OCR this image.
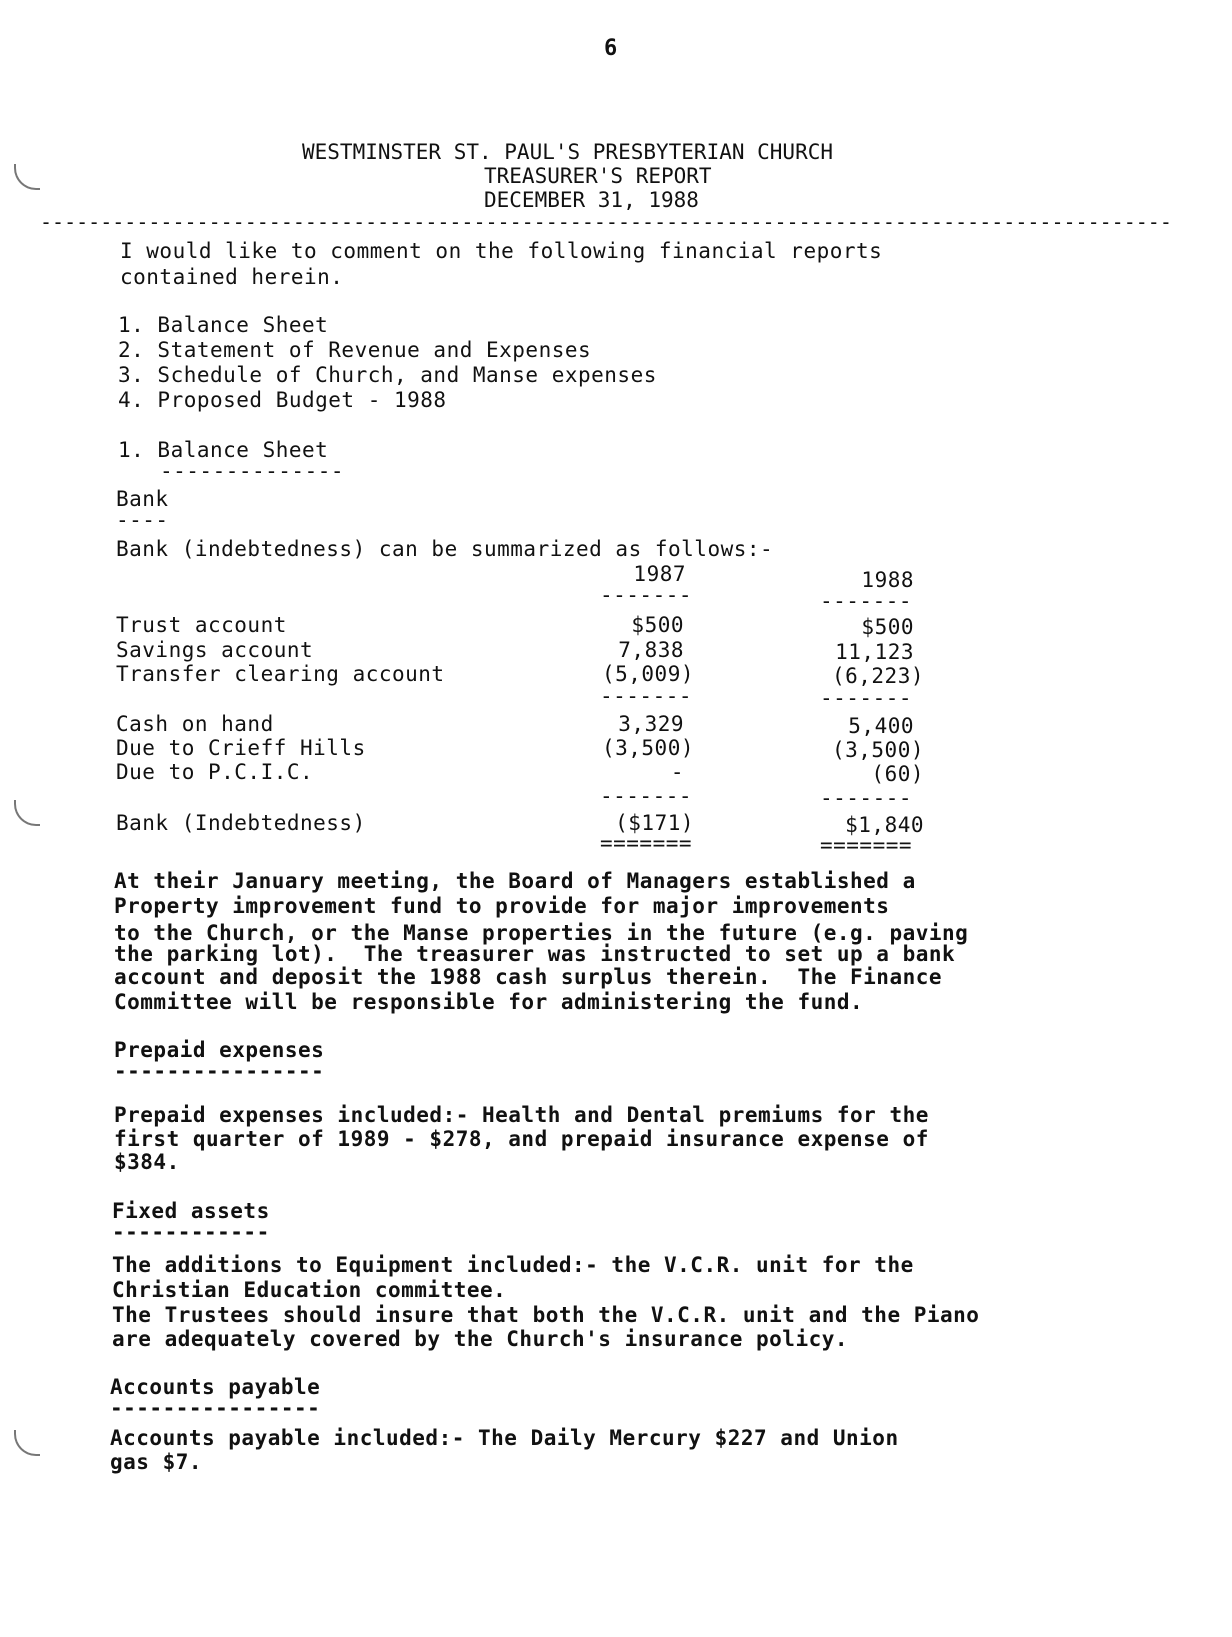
6
WESTMINSTER ST. PAUL'S PRESBYTERIAN CHURCH
TREASURER'S REPORT
DECEMBER 31, 1988
----------------------------------------------------------------------------------------------
I would like to comment on the following financial reports
contained herein.
1. Balance Sheet
2. Statement of Revenue and Expenses
3. Schedule of Church, and Manse expenses
4. Proposed Budget - 1988
1. Balance Sheet
--------------
Bank
----
Bank (indebtedness) can be summarized as follows:-
1987	1988
-------	-------
Trust account	$500	$500
Savings account	7,838	11,123
Transfer clearing account	(5,009)	(6,223)
-------	-------
Cash on hand	3,329	5,400
Due to Crieff Hills	(3,500)	(3,500)
Due to P.C.I.C.	-	(60)
-------	-------
Bank (Indebtedness)	($171)	$1,840
=======	=======
At their January meeting, the Board of Managers established a
Property improvement fund to provide for major improvements
to the Church, or the Manse properties in the future (e.g. paving
the parking lot).  The treasurer was instructed to set up a bank
account and deposit the 1988 cash surplus therein.  The Finance
Committee will be responsible for administering the fund.
Prepaid expenses
----------------
Prepaid expenses included:- Health and Dental premiums for the
first quarter of 1989 - $278, and prepaid insurance expense of
$384.
Fixed assets
------------
The additions to Equipment included:- the V.C.R. unit for the
Christian Education committee.
The Trustees should insure that both the V.C.R. unit and the Piano
are adequately covered by the Church's insurance policy.
Accounts payable
----------------
Accounts payable included:- The Daily Mercury $227 and Union
gas $7.
